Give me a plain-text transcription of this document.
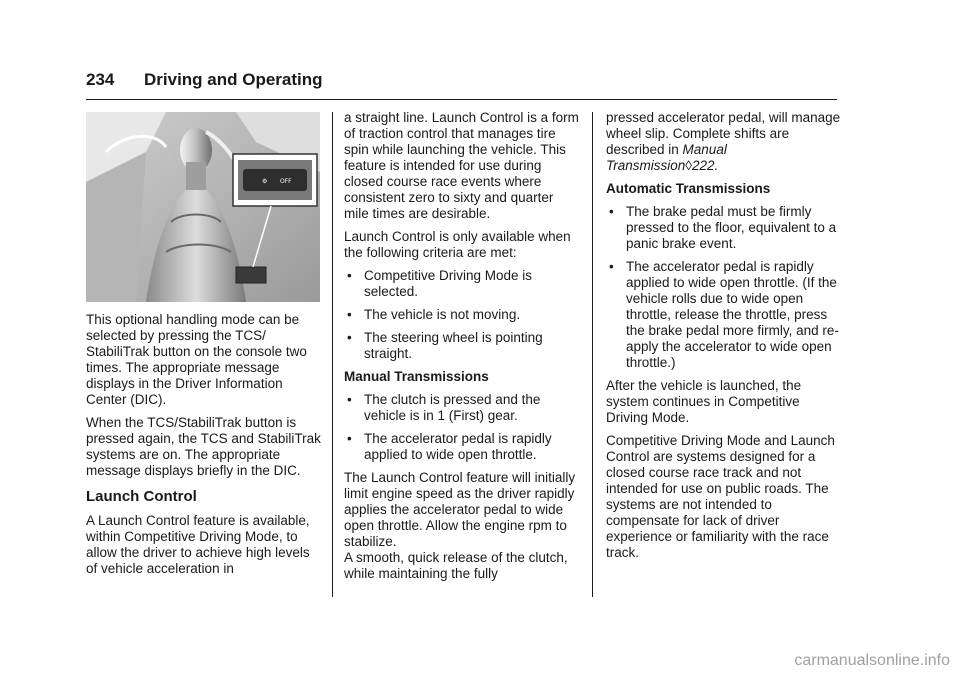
234 Driving and Operating
⚙ OFF

This optional handling mode can be selected by pressing the TCS/ StabiliTrak button on the console two times. The appropriate message displays in the Driver Information Center (DIC).

When the TCS/StabiliTrak button is pressed again, the TCS and StabiliTrak systems are on. The appropriate message displays briefly in the DIC.

Launch Control

A Launch Control feature is available, within Competitive Driving Mode, to allow the driver to achieve high levels of vehicle acceleration in

a straight line. Launch Control is a form of traction control that manages tire spin while launching the vehicle. This feature is intended for use during closed course race events where consistent zero to sixty and quarter mile times are desirable.

Launch Control is only available when the following criteria are met:

• Competitive Driving Mode is selected.
• The vehicle is not moving.
• The steering wheel is pointing straight.
Manual Transmissions
• The clutch is pressed and the vehicle is in 1 (First) gear.
• The accelerator pedal is rapidly applied to wide open throttle.

The Launch Control feature will initially limit engine speed as the driver rapidly applies the accelerator pedal to wide open throttle. Allow the engine rpm to stabilize.

A smooth, quick release of the clutch, while maintaining the fully

pressed accelerator pedal, will manage wheel slip. Complete shifts are described in Manual Transmission◊222.

Automatic Transmissions
• The brake pedal must be firmly pressed to the floor, equivalent to a panic brake event.
• The accelerator pedal is rapidly applied to wide open throttle. (If the vehicle rolls due to wide open throttle, release the throttle, press the brake pedal more firmly, and re-apply the accelerator to wide open throttle.)

After the vehicle is launched, the system continues in Competitive Driving Mode.

Competitive Driving Mode and Launch Control are systems designed for a closed course race track and not intended for use on public roads. The systems are not intended to compensate for lack of driver experience or familiarity with the race track.

carmanualsonline.info
